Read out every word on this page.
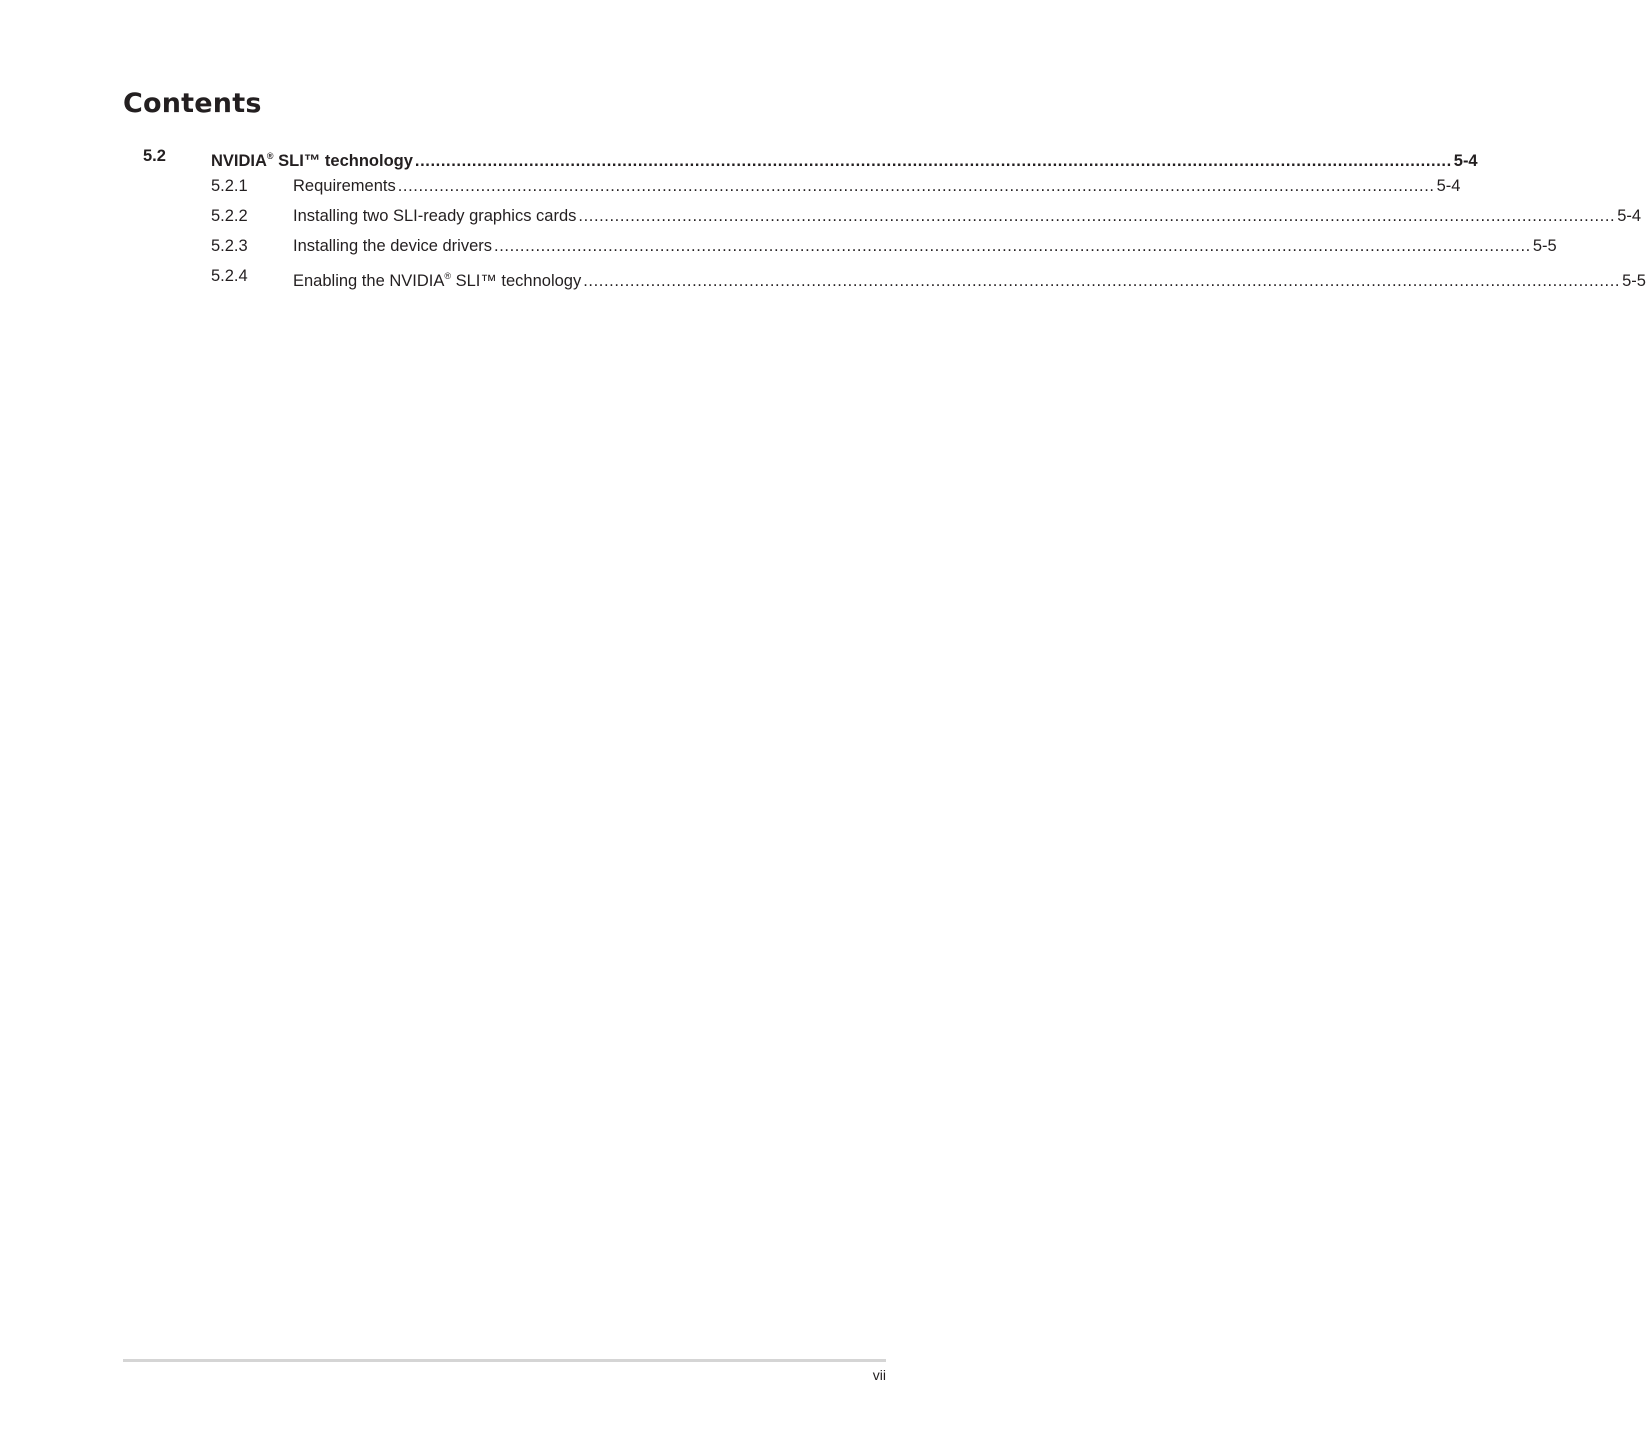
Contents
5.2	NVIDIA® SLI™ technology ........................................................................................................................................................................................................ 5-4
5.2.1	Requirements ........................................................................................................................................................................................................ 5-4
5.2.2	Installing two SLI-ready graphics cards ........................................................................................................................................................................................................ 5-4
5.2.3	Installing the device drivers ........................................................................................................................................................................................................ 5-5
5.2.4	Enabling the NVIDIA® SLI™ technology ........................................................................................................................................................................................................ 5-5
vii
